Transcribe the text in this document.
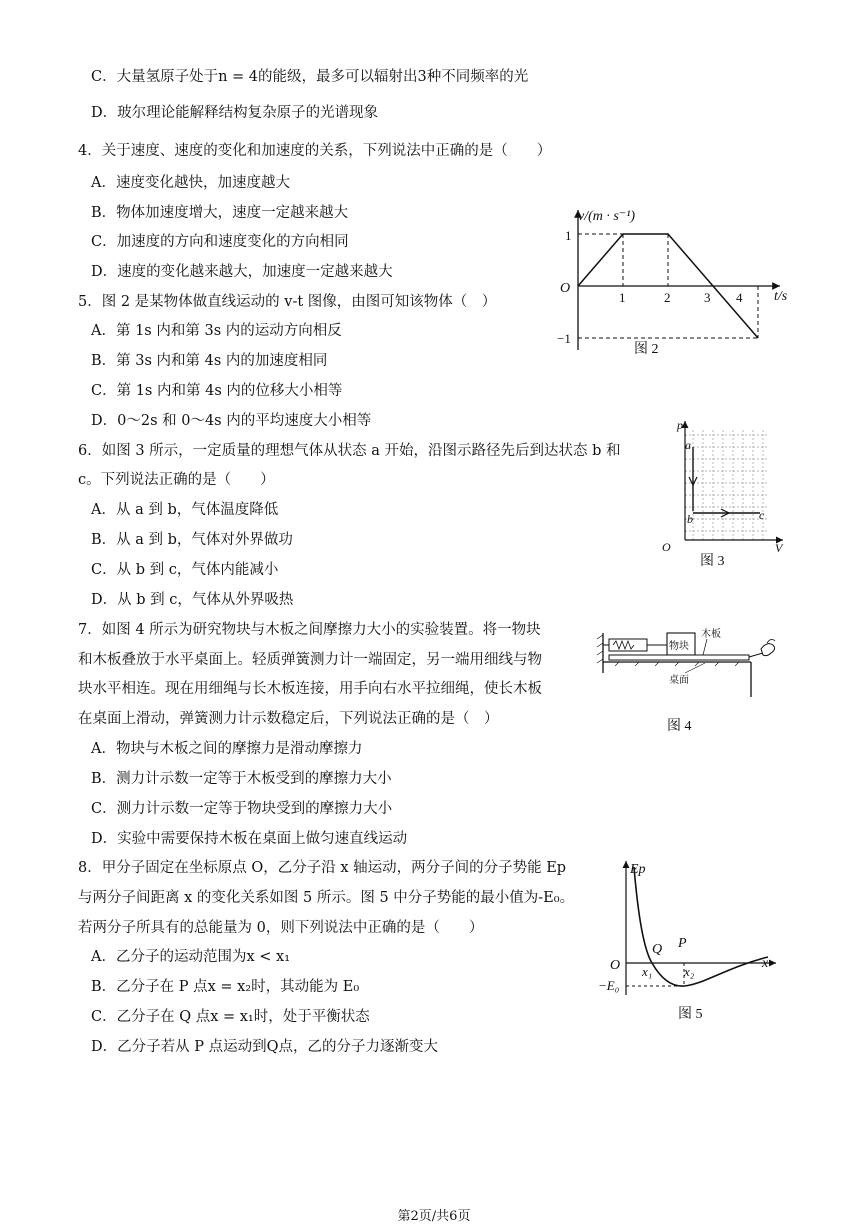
C．大量氢原子处于n = 4的能级，最多可以辐射出3种不同频率的光
D．玻尔理论能解释结构复杂原子的光谱现象
4．关于速度、速度的变化和加速度的关系，下列说法中正确的是（　　）
A．速度变化越快，加速度越大
B．物体加速度增大，速度一定越来越大
C．加速度的方向和速度变化的方向相同
D．速度的变化越来越大，加速度一定越来越大
5．图 2 是某物体做直线运动的 v-t 图像，由图可知该物体（　）
A．第 1s 内和第 3s 内的运动方向相反
B．第 3s 内和第 4s 内的加速度相同
C．第 1s 内和第 4s 内的位移大小相等
D．0～2s 和 0～4s 内的平均速度大小相等
6．如图 3 所示，一定质量的理想气体从状态 a 开始，沿图示路径先后到达状态 b 和
c。下列说法正确的是（　　）
A．从 a 到 b，气体温度降低
B．从 a 到 b，气体对外界做功
C．从 b 到 c，气体内能减小
D．从 b 到 c，气体从外界吸热
7．如图 4 所示为研究物块与木板之间摩擦力大小的实验装置。将一物块
和木板叠放于水平桌面上。轻质弹簧测力计一端固定，另一端用细线与物
块水平相连。现在用细绳与长木板连接，用手向右水平拉细绳，使长木板
在桌面上滑动，弹簧测力计示数稳定后，下列说法正确的是（　）
A．物块与木板之间的摩擦力是滑动摩擦力
B．测力计示数一定等于木板受到的摩擦力大小
C．测力计示数一定等于物块受到的摩擦力大小
D．实验中需要保持木板在桌面上做匀速直线运动
8．甲分子固定在坐标原点 O，乙分子沿 x 轴运动，两分子间的分子势能 Ep
与两分子间距离 x 的变化关系如图 5 所示。图 5 中分子势能的最小值为-E₀。
若两分子所具有的总能量为 0，则下列说法中正确的是（　　）
A．乙分子的运动范围为x < x₁
B．乙分子在 P 点x = x₂时，其动能为 E₀
C．乙分子在 Q 点x = x₁时，处于平衡状态
D．乙分子若从 P 点运动到Q点，乙的分子力逐渐变大
v/(m · s⁻¹)
t/s
O
1
−1
1	2	3 4
图 2
p
V
O
a
b	c
图 3
物块
木板
桌面
图 4
Ep
x
O
Q P
x₁ x₂
−E₀
图 5
第2页/共6页
